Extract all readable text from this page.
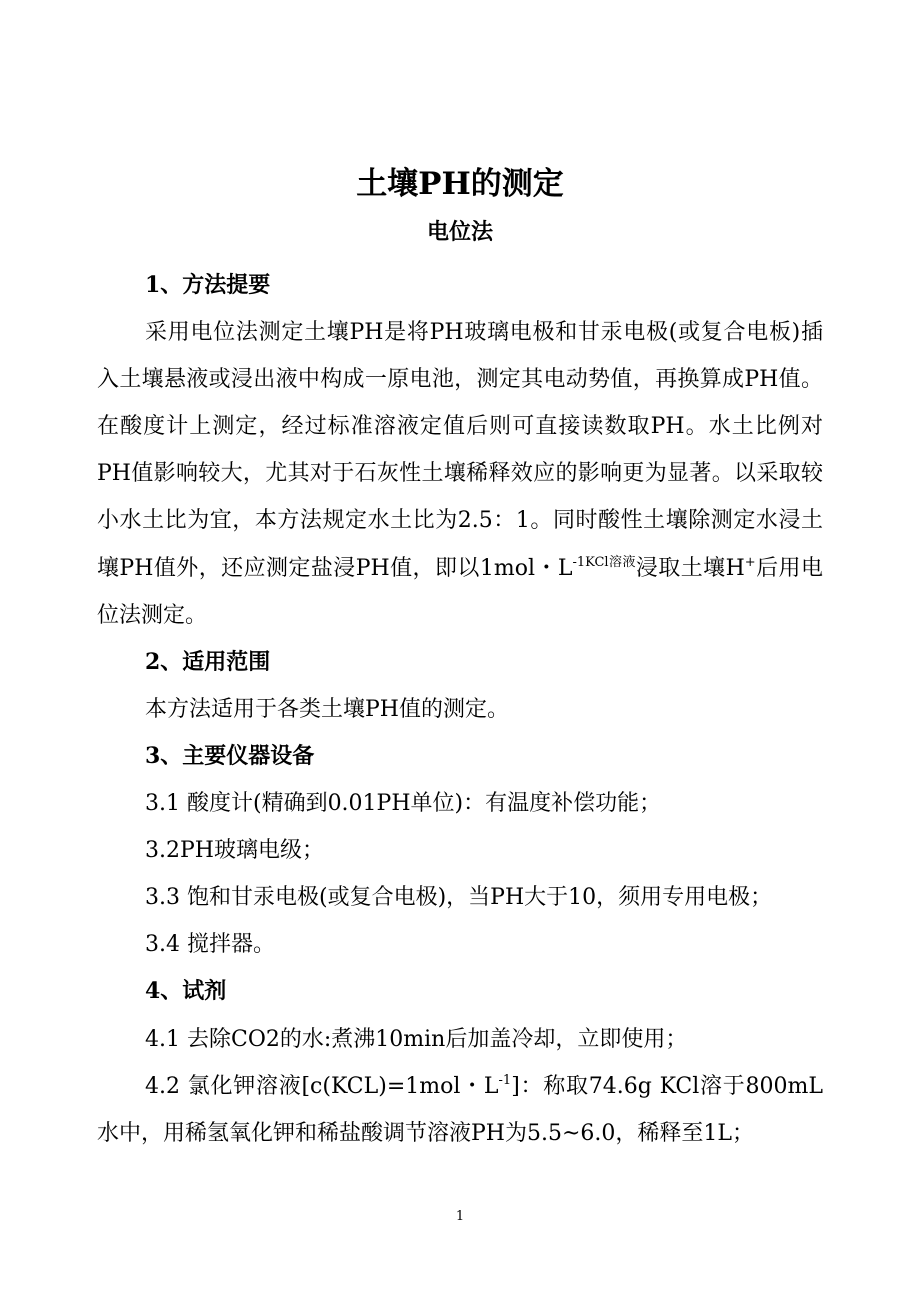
土壤PH的测定
电位法

1、方法提要

采用电位法测定土壤PH是将PH玻璃电极和甘汞电极(或复合电板)插入土壤悬液或浸出液中构成一原电池，测定其电动势值，再换算成PH值。在酸度计上测定，经过标准溶液定值后则可直接读数取PH。水土比例对PH值影响较大，尤其对于石灰性土壤稀释效应的影响更为显著。以采取较小水土比为宜，本方法规定水土比为2.5：1。同时酸性土壤除测定水浸土壤PH值外，还应测定盐浸PH值，即以1mol・$L^{-1KCl溶液}$浸取土壤H+后用电位法测定。

2、适用范围

本方法适用于各类土壤PH值的测定。

3、主要仪器设备

3.1 酸度计(精确到0.01PH单位)：有温度补偿功能；

3.2PH玻璃电级；

3.3 饱和甘汞电极(或复合电极)，当PH大于10，须用专用电极；

3.4 搅拌器。

4、试剂

4.1 去除CO2的水:煮沸10min后加盖冷却，立即使用；

4.2 氯化钾溶液[c(KCL)=1mol・$L^{-1}$]：称取74.6g KCl溶于800mL水中，用稀氢氧化钾和稀盐酸调节溶液PH为5.5~6.0，稀释至1L；

1
